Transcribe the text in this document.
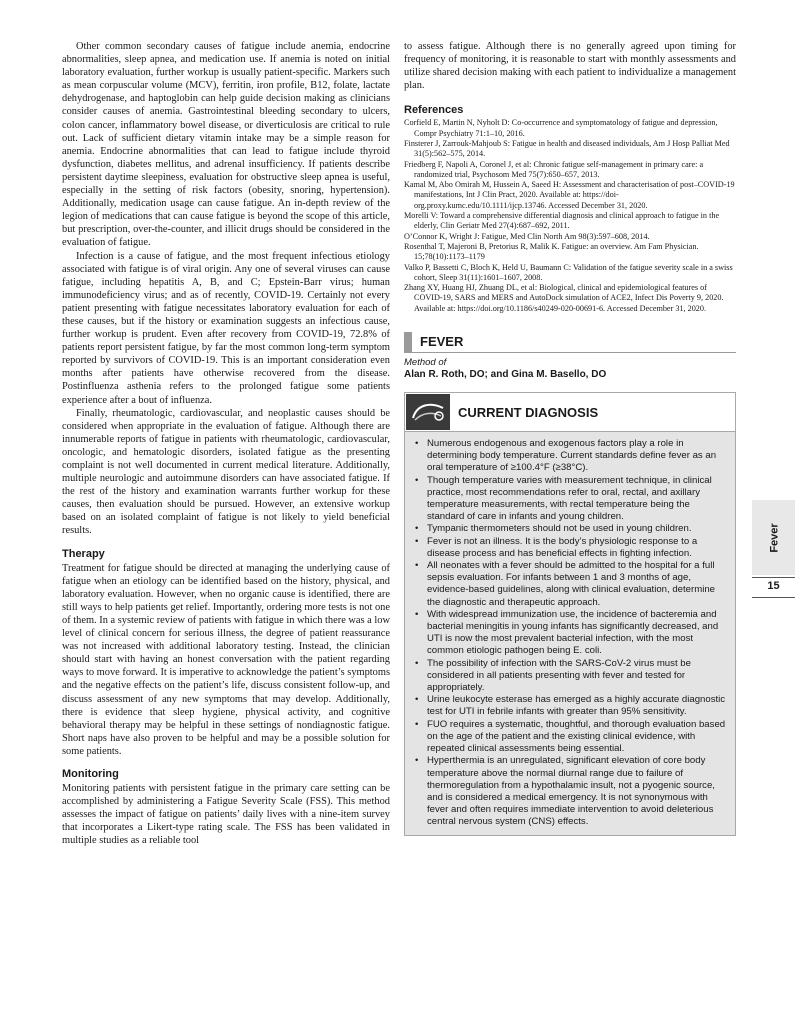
Other common secondary causes of fatigue include anemia, endocrine abnormalities, sleep apnea, and medication use. If anemia is noted on initial laboratory evaluation, further workup is usually patient-specific. Markers such as mean corpuscular volume (MCV), ferritin, iron profile, B12, folate, lactate dehydrogenase, and haptoglobin can help guide decision making as clinicians consider causes of anemia. Gastrointestinal bleeding secondary to ulcers, colon cancer, inflammatory bowel disease, or diverticulosis are critical to rule out. Lack of sufficient dietary vitamin intake may be a simple reason for anemia. Endocrine abnormalities that can lead to fatigue include thyroid dysfunction, diabetes mellitus, and adrenal insufficiency. If patients describe persistent daytime sleepiness, evaluation for obstructive sleep apnea is useful, especially in the setting of risk factors (obesity, snoring, hypertension). Additionally, medication usage can cause fatigue. An in-depth review of the legion of medications that can cause fatigue is beyond the scope of this article, but prescription, over-the-counter, and illicit drugs should be considered in the evaluation of fatigue.

Infection is a cause of fatigue, and the most frequent infectious etiology associated with fatigue is of viral origin. Any one of several viruses can cause fatigue, including hepatitis A, B, and C; Epstein-Barr virus; human immunodeficiency virus; and as of recently, COVID-19. Certainly not every patient presenting with fatigue necessitates laboratory evaluation for each of these causes, but if the history or examination suggests an infectious cause, further workup is prudent. Even after recovery from COVID-19, 72.8% of patients report persistent fatigue, by far the most common long-term symptom reported by survivors of COVID-19. This is an important consideration even months after patients have otherwise recovered from the disease. Postinfluenza asthenia refers to the prolonged fatigue some patients experience after a bout of influenza.

Finally, rheumatologic, cardiovascular, and neoplastic causes should be considered when appropriate in the evaluation of fatigue. Although there are innumerable reports of fatigue in patients with rheumatologic, cardiovascular, oncologic, and hematologic disorders, isolated fatigue as the presenting complaint is not well documented in current medical literature. Additionally, multiple neurologic and autoimmune disorders can have associated fatigue. If the rest of the history and examination warrants further workup for these causes, then evaluation should be pursued. However, an extensive workup based on an isolated complaint of fatigue is not likely to yield beneficial results.

Therapy

Treatment for fatigue should be directed at managing the underlying cause of fatigue when an etiology can be identified based on the history, physical, and laboratory evaluation. However, when no organic cause is identified, there are still ways to help patients get relief. Importantly, ordering more tests is not one of them. In a systemic review of patients with fatigue in which there was a low level of clinical concern for serious illness, the degree of patient reassurance was not increased with additional laboratory testing. Instead, the clinician should start with having an honest conversation with the patient regarding ways to move forward. It is imperative to acknowledge the patient’s symptoms and the negative effects on the patient’s life, discuss consistent follow-up, and discuss assessment of any new symptoms that may develop. Additionally, there is evidence that sleep hygiene, physical activity, and cognitive behavioral therapy may be helpful in these settings of nondiagnostic fatigue. Short naps have also proven to be helpful and may be a possible solution for some patients.

Monitoring

Monitoring patients with persistent fatigue in the primary care setting can be accomplished by administering a Fatigue Severity Scale (FSS). This method assesses the impact of fatigue on patients’ daily lives with a nine-item survey that incorporates a Likert-type rating scale. The FSS has been validated in multiple studies as a reliable tool

to assess fatigue. Although there is no generally agreed upon timing for frequency of monitoring, it is reasonable to start with monthly assessments and utilize shared decision making with each patient to individualize a management plan.

References

Corfield E, Martin N, Nyholt D: Co-occurrence and symptomatology of fatigue and depression, Compr Psychiatry 71:1–10, 2016.

Finsterer J, Zarrouk-Mahjoub S: Fatigue in health and diseased individuals, Am J Hosp Palliat Med 31(5):562–575, 2014.

Friedberg F, Napoli A, Coronel J, et al: Chronic fatigue self-management in primary care: a randomized trial, Psychosom Med 75(7):650–657, 2013.

Kamal M, Abo Omirah M, Hussein A, Saeed H: Assessment and characterisation of post–COVID-19 manifestations, Int J Clin Pract, 2020. Available at: https://doi-org.proxy.kumc.edu/10.1111/ijcp.13746. Accessed December 31, 2020.

Morelli V: Toward a comprehensive differential diagnosis and clinical approach to fatigue in the elderly, Clin Geriatr Med 27(4):687–692, 2011.

O’Connor K, Wright J: Fatigue, Med Clin North Am 98(3):597–608, 2014.

Rosenthal T, Majeroni B, Pretorius R, Malik K. Fatigue: an overview. Am Fam Physician. 15;78(10):1173–1179

Valko P, Bassetti C, Bloch K, Held U, Baumann C: Validation of the fatigue severity scale in a swiss cohort, Sleep 31(11):1601–1607, 2008.

Zhang XY, Huang HJ, Zhuang DL, et al: Biological, clinical and epidemiological features of COVID-19, SARS and MERS and AutoDock simulation of ACE2, Infect Dis Poverty 9, 2020. Available at: https://doi.org/10.1186/s40249-020-00691-6. Accessed December 31, 2020.

FEVER
Method of
Alan R. Roth, DO; and Gina M. Basello, DO
CURRENT DIAGNOSIS
• Numerous endogenous and exogenous factors play a role in determining body temperature. Current standards define fever as an oral temperature of ≥100.4°F (≥38°C).
• Though temperature varies with measurement technique, in clinical practice, most recommendations refer to oral, rectal, and axillary temperature measurements, with rectal temperature being the standard of care in infants and young children.
• Tympanic thermometers should not be used in young children.
• Fever is not an illness. It is the body’s physiologic response to a disease process and has beneficial effects in fighting infection.
• All neonates with a fever should be admitted to the hospital for a full sepsis evaluation. For infants between 1 and 3 months of age, evidence-based guidelines, along with clinical evaluation, determine the diagnostic and therapeutic approach.
• With widespread immunization use, the incidence of bacteremia and bacterial meningitis in young infants has significantly decreased, and UTI is now the most prevalent bacterial infection, with the most common etiologic pathogen being E. coli.
• The possibility of infection with the SARS-CoV-2 virus must be considered in all patients presenting with fever and tested for appropriately.
• Urine leukocyte esterase has emerged as a highly accurate diagnostic test for UTI in febrile infants with greater than 95% sensitivity.
• FUO requires a systematic, thoughtful, and thorough evaluation based on the age of the patient and the existing clinical evidence, with repeated clinical assessments being essential.
• Hyperthermia is an unregulated, significant elevation of core body temperature above the normal diurnal range due to failure of thermoregulation from a hypothalamic insult, not a pyogenic source, and is considered a medical emergency. It is not synonymous with fever and often requires immediate intervention to avoid deleterious central nervous system (CNS) effects.
Fever
15
